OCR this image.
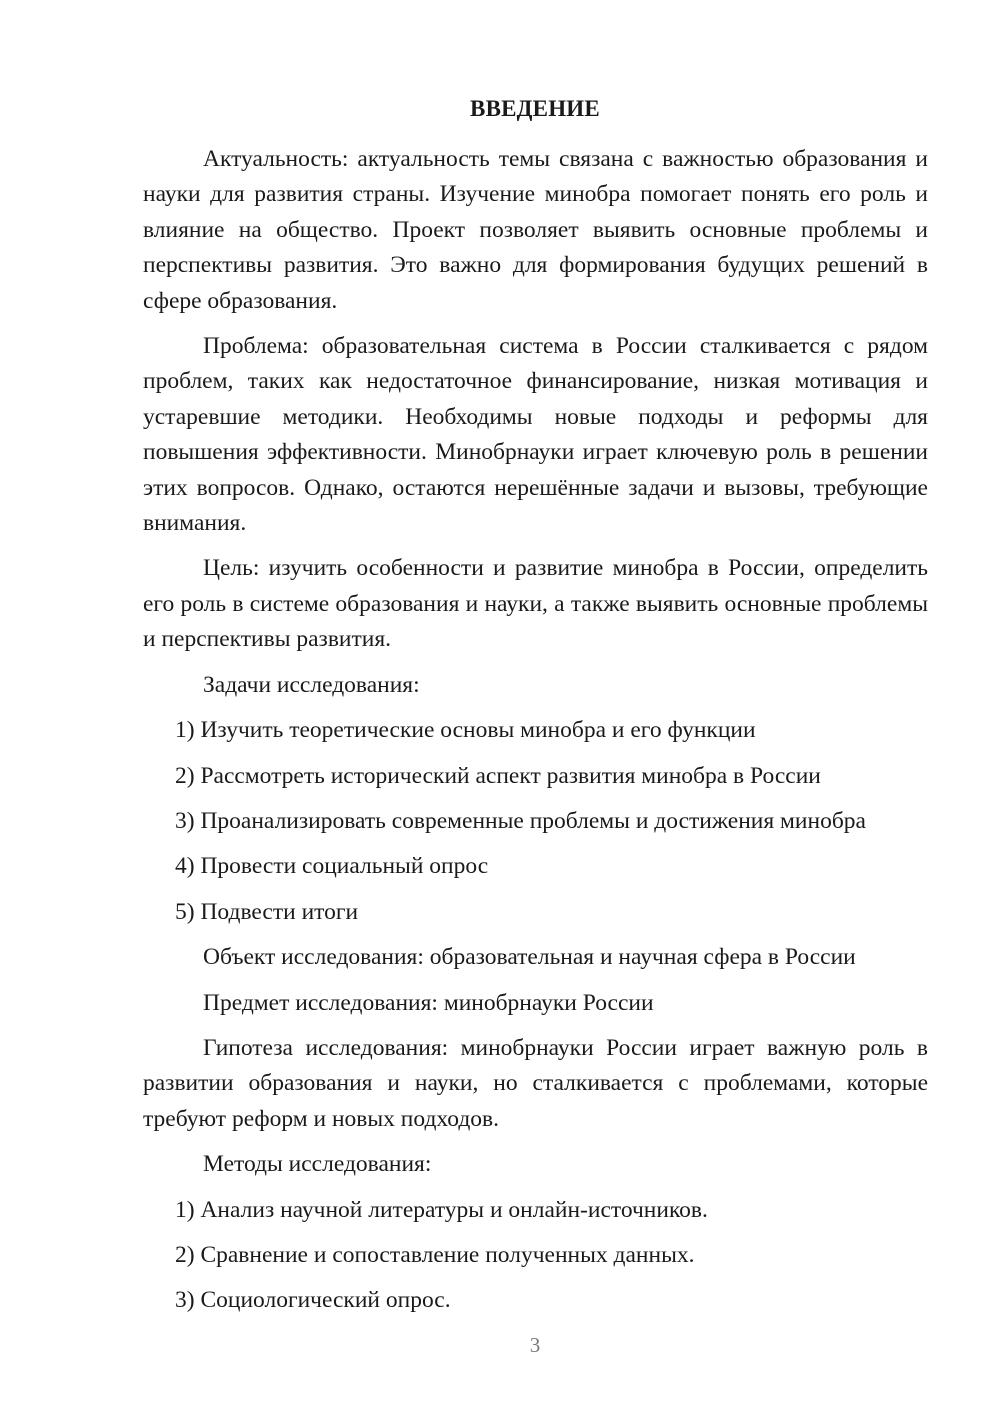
ВВЕДЕНИЕ

Актуальность: актуальность темы связана с важностью образования и науки для развития страны. Изучение минобра помогает понять его роль и влияние на общество. Проект позволяет выявить основные проблемы и перспективы развития. Это важно для формирования будущих решений в сфере образования.

Проблема: образовательная система в России сталкивается с рядом проблем, таких как недостаточное финансирование, низкая мотивация и устаревшие методики. Необходимы новые подходы и реформы для повышения эффективности. Минобрнауки играет ключевую роль в решении этих вопросов. Однако, остаются нерешённые задачи и вызовы, требующие внимания.

Цель: изучить особенности и развитие минобра в России, определить его роль в системе образования и науки, а также выявить основные проблемы и перспективы развития.

Задачи исследования:

1) Изучить теоретические основы минобра и его функции

2) Рассмотреть исторический аспект развития минобра в России

3) Проанализировать современные проблемы и достижения минобра

4) Провести социальный опрос

5) Подвести итоги

Объект исследования: образовательная и научная сфера в России

Предмет исследования: минобрнауки России

Гипотеза исследования: минобрнауки России играет важную роль в развитии образования и науки, но сталкивается с проблемами, которые требуют реформ и новых подходов.

Методы исследования:

1) Анализ научной литературы и онлайн-источников.

2) Сравнение и сопоставление полученных данных.

3) Социологический опрос.

3
